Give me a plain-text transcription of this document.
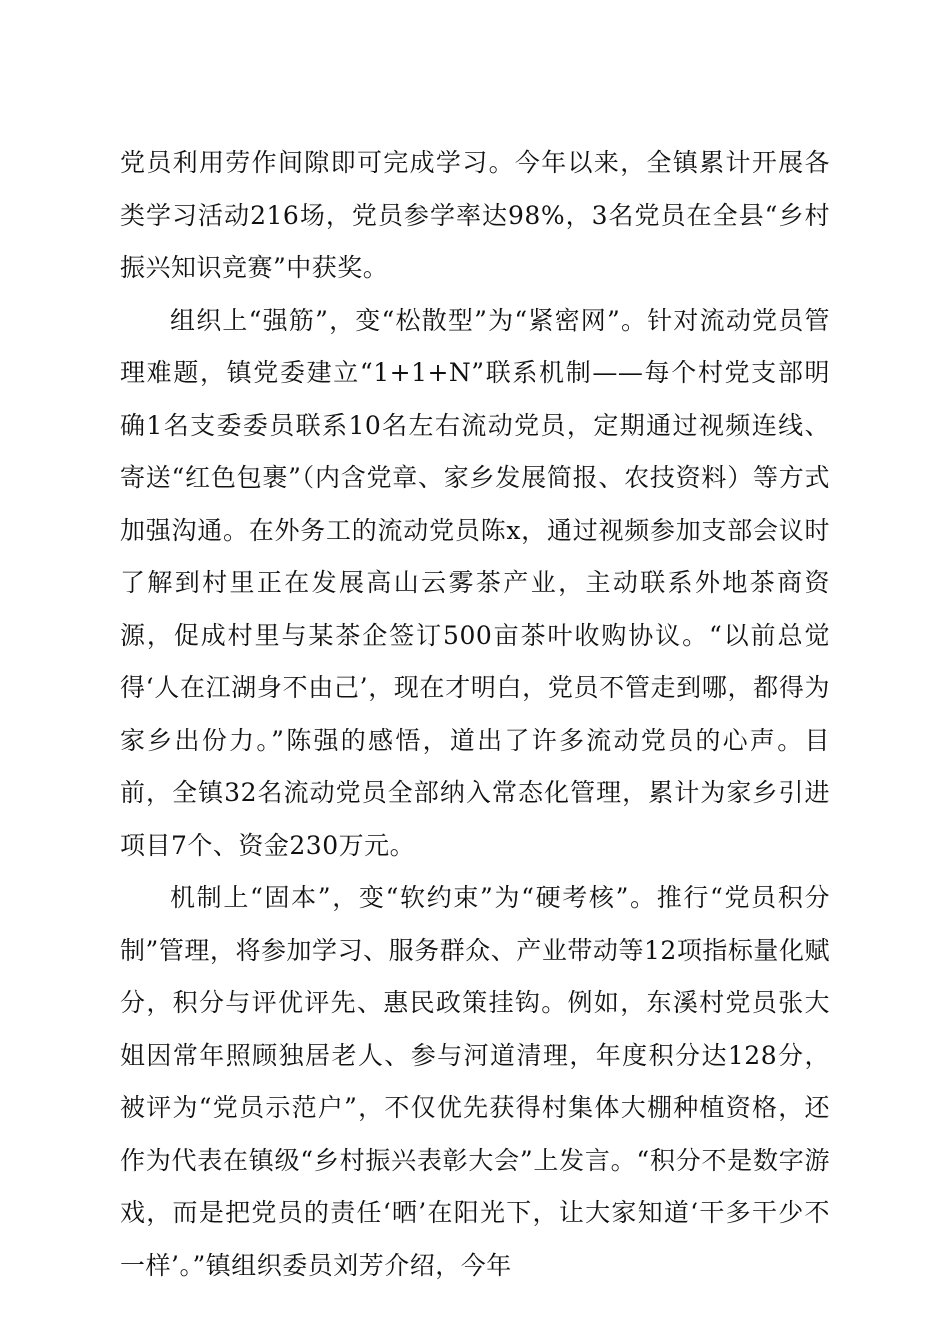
党员利用劳作间隙即可完成学习。今年以来，全镇累计开展各类学习活动216场，党员参学率达98%，3名党员在全县“乡村振兴知识竞赛”中获奖。

组织上“强筋”，变“松散型”为“紧密网”。针对流动党员管理难题，镇党委建立“1+1+N”联系机制——每个村党支部明确1名支委委员联系10名左右流动党员，定期通过视频连线、寄送“红色包裹”（内含党章、家乡发展简报、农技资料）等方式加强沟通。在外务工的流动党员陈x，通过视频参加支部会议时了解到村里正在发展高山云雾茶产业，主动联系外地茶商资源，促成村里与某茶企签订500亩茶叶收购协议。“以前总觉得‘人在江湖身不由己’，现在才明白，党员不管走到哪，都得为家乡出份力。”陈强的感悟，道出了许多流动党员的心声。目前，全镇32名流动党员全部纳入常态化管理，累计为家乡引进项目7个、资金230万元。

机制上“固本”，变“软约束”为“硬考核”。推行“党员积分制”管理，将参加学习、服务群众、产业带动等12项指标量化赋分，积分与评优评先、惠民政策挂钩。例如，东溪村党员张大姐因常年照顾独居老人、参与河道清理，年度积分达128分，被评为“党员示范户”，不仅优先获得村集体大棚种植资格，还作为代表在镇级“乡村振兴表彰大会”上发言。“积分不是数字游戏，而是把党员的责任‘晒’在阳光下，让大家知道‘干多干少不一样’。”镇组织委员刘芳介绍，今年
